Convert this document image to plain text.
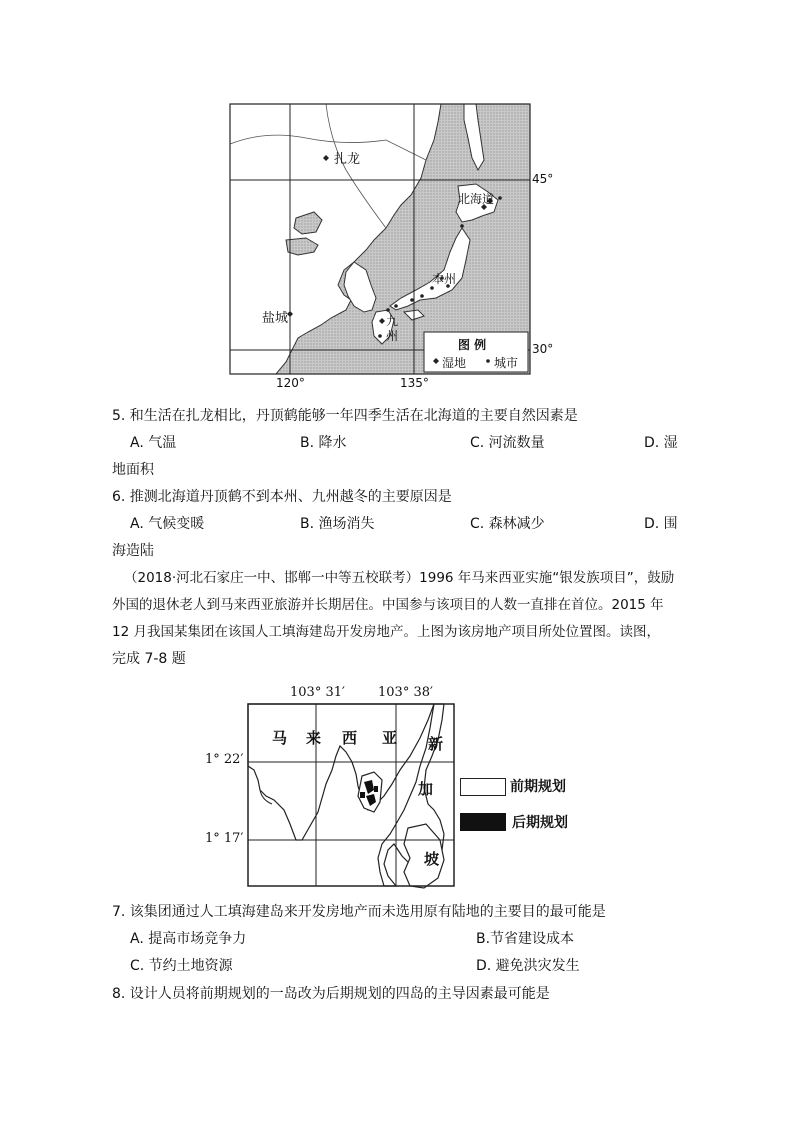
扎龙
北海道
本州
九
州
盐城
45°
30°
120°	135°
图 例
湿地 城市
5. 和生活在扎龙相比，丹顶鹤能够一年四季生活在北海道的主要自然因素是
A. 气温	B. 降水	C. 河流数量	D. 湿
地面积
6. 推测北海道丹顶鹤不到本州、九州越冬的主要原因是
A. 气候变暖	B. 渔场消失	C. 森林减少	D. 围
海造陆
（2018·河北石家庄一中、邯郸一中等五校联考）1996 年马来西亚实施“银发族项目”，鼓励
外国的退休老人到马来西亚旅游并长期居住。中国参与该项目的人数一直排在首位。2015 年
12 月我国某集团在该国人工填海建岛开发房地产。上图为该房地产项目所处位置图。读图，
完成 7-8 题
103° 31′	103° 38′
1° 22′
1° 17′
马 来 西 亚 新
加
坡
前期规划
后期规划
7. 该集团通过人工填海建岛来开发房地产而未选用原有陆地的主要目的最可能是
A. 提高市场竞争力	B.节省建设成本
C. 节约土地资源	D. 避免洪灾发生
8. 设计人员将前期规划的一岛改为后期规划的四岛的主导因素最可能是
